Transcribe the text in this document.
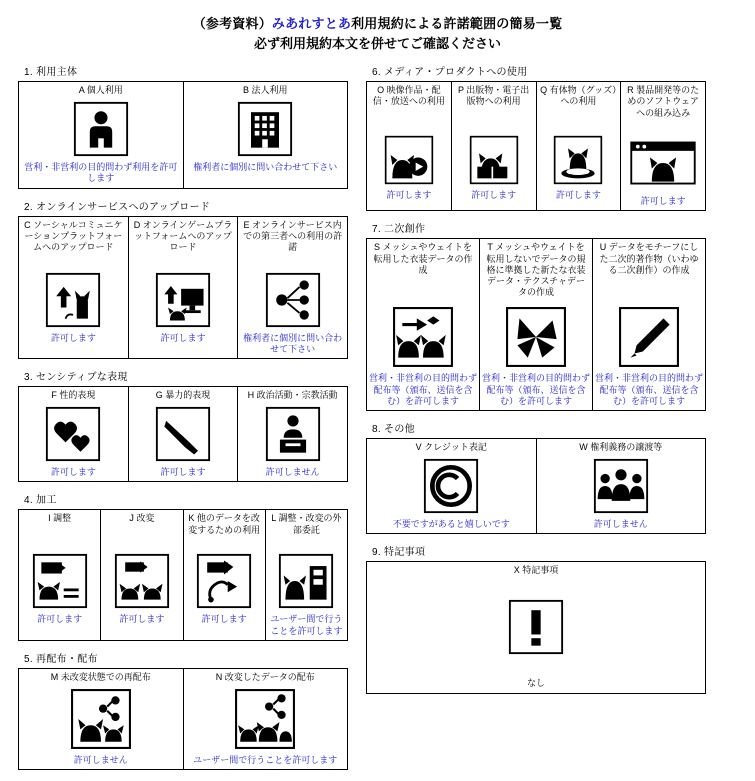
（参考資料）みあれすとあ利用規約による許諾範囲の簡易一覧
必ず利用規約本文を併せてご確認ください
1. 利用主体
A 個人利用
営利・非営利の目的問わず利用を許可します

B 法人利用
権利者に個別に問い合わせて下さい
2. オンラインサービスへのアップロード
C ソーシャルコミュニケーションプラットフォームへのアップロード
許可します

D オンラインゲームプラットフォームへのアップロード
許可します

E オンラインサービス内での第三者への利用の許諾
権利者に個別に問い合わせて下さい
3. センシティブな表現
F 性的表現
許可します

G 暴力的表現
許可します

H 政治活動・宗教活動
許可しません
4. 加工
I 調整
許可します

J 改変
許可します

K 他のデータを改変するための利用
許可します

L 調整・改変の外部委託
ユーザー間で行うことを許可します
5. 再配布・配布
M 未改変状態での再配布
許可しません

N 改変したデータの配布
ユーザー間で行うことを許可します
6. メディア・プロダクトへの使用
O 映像作品・配信・放送への利用
許可します

P 出版物・電子出版物への利用
許可します

Q 有体物（グッズ）への利用
許可します

R 製品開発等のためのソフトウェアへの組み込み
許可します
7. 二次創作
S メッシュやウェイトを転用した衣装データの作成
営利・非営利の目的問わず配布等（頒布、送信を含む）を許可します

T メッシュやウェイトを転用しないでデータの規格に準拠した新たな衣装データ・テクスチャデータの作成
営利・非営利の目的問わず配布等（頒布、送信を含む）を許可します

U データをモチーフにした二次的著作物（いわゆる二次創作）の作成
営利・非営利の目的問わず配布等（頒布、送信を含む）を許可します
8. その他
V クレジット表記
不要ですがあると嬉しいです

W 権利義務の譲渡等
許可しません
9. 特記事項
X 特記事項
なし
